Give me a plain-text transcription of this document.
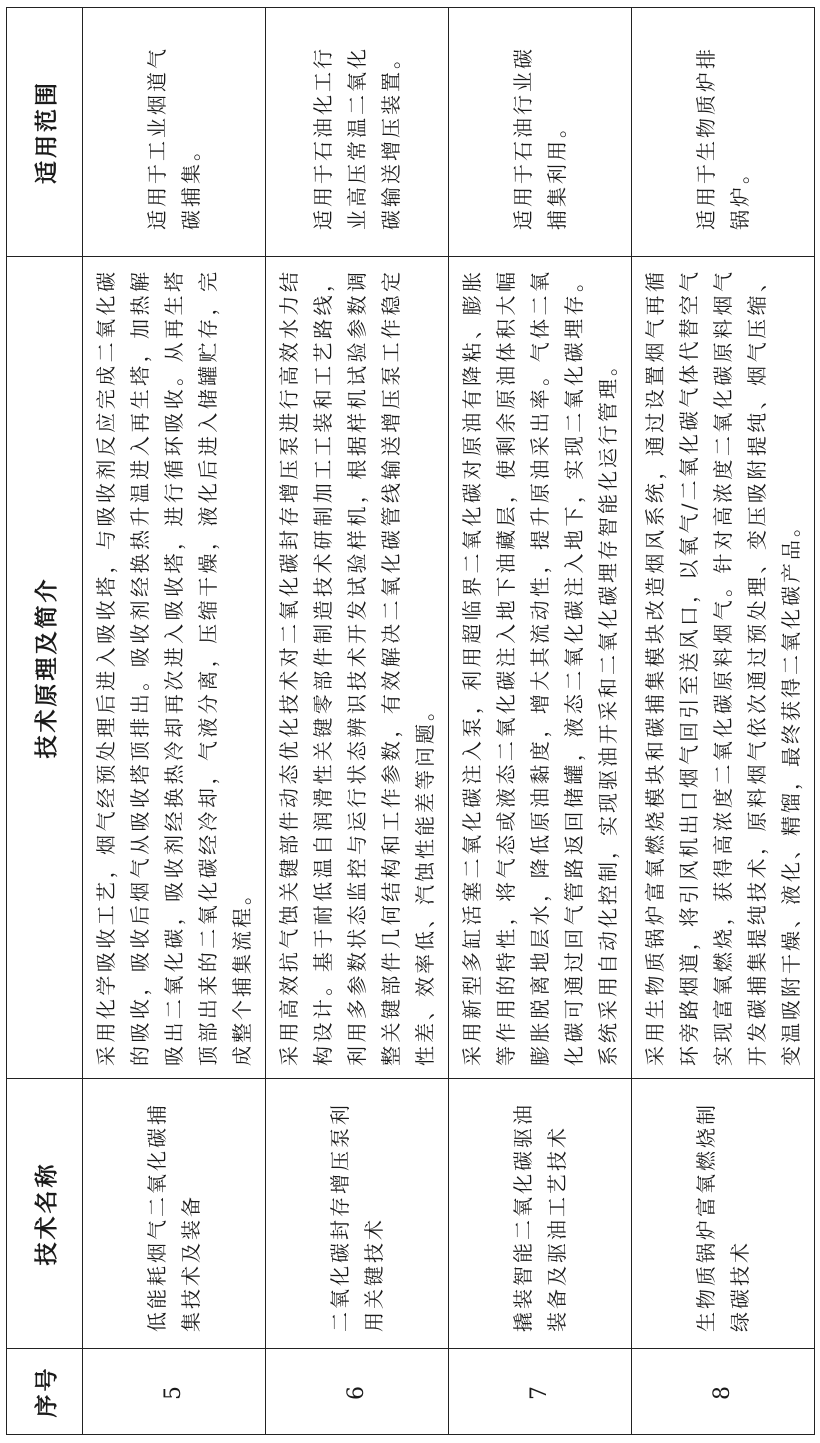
序号	技术名称	技术原理及简介	适用范围
5	低能耗烟气二氧化碳捕集技术及装备	采用化学吸收工艺，烟气经预处理后进入吸收塔，与吸收剂反应完成二氧化碳的吸收，吸收后烟气从吸收塔顶排出。吸收剂经换热升温进入再生塔，加热解吸出二氧化碳，吸收剂经换热冷却再次进入吸收塔，进行循环吸收。从再生塔顶部出来的二氧化碳经冷却，气液分离，压缩干燥，液化后进入储罐贮存，完成整个捕集流程。	适用于工业烟道气碳捕集。
6	二氧化碳封存增压泵利用关键技术	采用高效抗气蚀关键部件动态优化技术对二氧化碳封存增压泵进行高效水力结构设计。基于耐低温自润滑性关键零部件制造技术研制加工工装和工艺路线，利用多参数状态监控与运行状态辨识技术开发试验样机，根据样机试验参数调整关键部件几何结构和工作参数，有效解决二氧化碳管线输送增压泵工作稳定性差、效率低、汽蚀性能差等问题。	适用于石油化工行业高压常温二氧化碳输送增压装置。
7	撬装智能二氧化碳驱油装备及驱油工艺技术	采用新型多缸活塞二氧化碳注入泵，利用超临界二氧化碳对原油有降粘、膨胀等作用的特性，将气态或液态二氧化碳注入地下油藏层，使剩余原油体积大幅膨胀脱离地层水，降低原油黏度，增大其流动性，提升原油采出率。气体二氧化碳可通过回气管路返回储罐，液态二氧化碳注入地下，实现二氧化碳埋存。系统采用自动化控制，实现驱油开采和二氧化碳埋存智能化运行管理。	适用于石油行业碳捕集利用。
8	生物质锅炉富氧燃烧制绿碳技术	采用生物质锅炉富氧燃烧模块和碳捕集模块改造烟风系统，通过设置烟气再循环旁路烟道，将引风机出口烟气回引至送风口，以氧气/二氧化碳气体代替空气实现富氧燃烧，获得高浓度二氧化碳原料烟气。针对高浓度二氧化碳原料烟气开发碳捕集提纯技术，原料烟气依次通过预处理、变压吸附提纯、烟气压缩、变温吸附干燥、液化、精馏，最终获得二氧化碳产品。	适用于生物质炉排锅炉。
